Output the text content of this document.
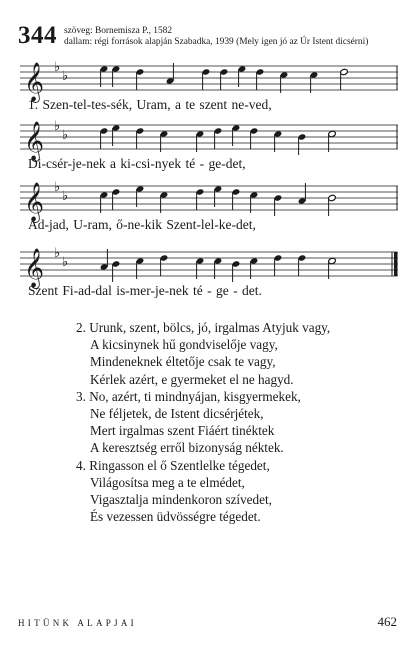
344 szöveg: Bornemisza P., 1582
dallam: régi források alapján Szabadka, 1939 (Mely igen jó az Úr Istent dicsérni)
𝄞 ♭
♭
1. Szen-tel-tes-sék, Uram, a te szent ne-ved,
𝄞 ♭
♭
Di-csér-je-nek a ki-csi-nyek té - ge-det,
𝄞 ♭
♭
Ad-jad, U-ram, ő-ne-kik Szent-lel-ke-det,
𝄞 ♭
♭
Szent Fi-ad-dal is-mer-je-nek té - ge - det.
2. Urunk, szent, bölcs, jó, irgalmas Atyjuk vagy,
A kicsinynek hű gondviselője vagy,
Mindeneknek éltetője csak te vagy,
Kérlek azért, e gyermeket el ne hagyd.
3. No, azért, ti mindnyájan, kisgyermekek,
Ne féljetek, de Istent dicsérjétek,
Mert irgalmas szent Fiáért tinéktek
A keresztség erről bizonyság néktek.
4. Ringasson el ő Szentlelke tégedet,
Világosítsa meg a te elmédet,
Vigasztalja mindenkoron szívedet,
És vezessen üdvösségre tégedet.
HITÜNK ALAPJAI	462
